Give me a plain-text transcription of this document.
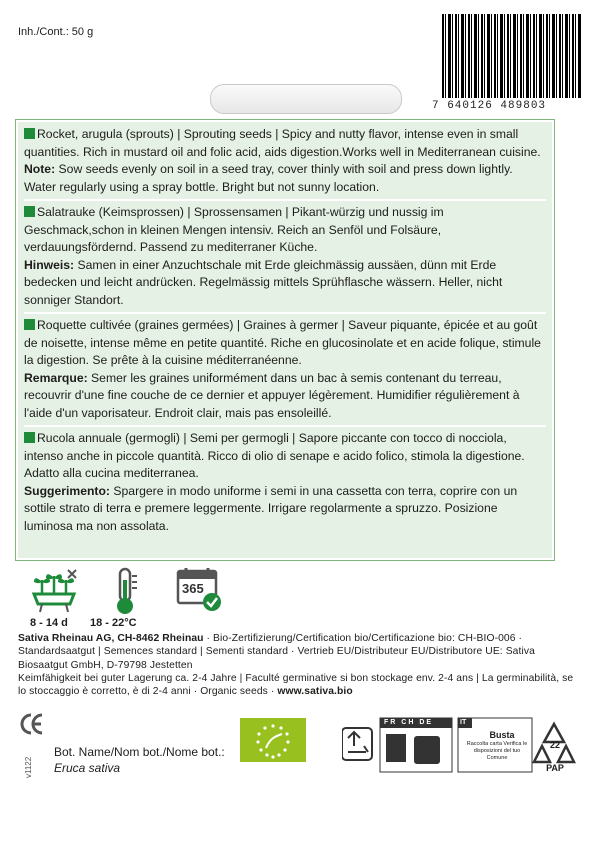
Inh./Cont.: 50 g
7 640126 489803
Rocket, arugula (sprouts) | Sprouting seeds | Spicy and nutty flavor, intense even in small quantities. Rich in mustard oil and folic acid, aids digestion.Works well in Mediterranean cuisine.
Note: Sow seeds evenly on soil in a seed tray, cover thinly with soil and press down lightly. Water regularly using a spray bottle. Bright but not sunny location.
Salatrauke (Keimsprossen) | Sprossensamen | Pikant-würzig und nussig im Geschmack,schon in kleinen Mengen intensiv. Reich an Senföl und Folsäure, verdauungsfördernd. Passend zu mediterraner Küche.
Hinweis: Samen in einer Anzuchtschale mit Erde gleichmässig aussäen, dünn mit Erde bedecken und leicht andrücken. Regelmässig mittels Sprühflasche wässern. Heller, nicht sonniger Standort.
Roquette cultivée (graines germées) | Graines à germer | Saveur piquante, épicée et au goût de noisette, intense même en petite quantité. Riche en glucosinolate et en acide folique, stimule la digestion. Se prête à la cuisine méditerranéenne.
Remarque: Semer les graines uniformément dans un bac à semis contenant du terreau, recouvrir d'une fine couche de ce dernier et appuyer légèrement. Humidifier régulièrement à l'aide d'un vaporisateur. Endroit clair, mais pas ensoleillé.
Rucola annuale (germogli) | Semi per germogli | Sapore piccante con tocco di nocciola, intenso anche in piccole quantità. Ricco di olio di senape e acido folico, stimola la digestione. Adatto alla cucina mediterranea.
Suggerimento: Spargere in modo uniforme i semi in una cassetta con terra, coprire con un sottile strato di terra e premere leggermente. Irrigare regolarmente a spruzzo. Posizione luminosa ma non assolata.
8 - 14 d 18 - 22°C
365
Sativa Rheinau AG, CH-8462 Rheinau · Bio-Zertifizierung/Certification bio/Certificazione bio: CH-BIO-006 · Standardsaatgut | Semences standard | Sementi standard · Vertrieb EU/Distributeur EU/Distributore UE: Sativa Biosaatgut GmbH, D-79798 Jestetten
Keimfähigkeit bei guter Lagerung ca. 2-4 Jahre | Faculté germinative si bon stockage env. 2-4 ans | La germinabilità, se lo stoccaggio è corretto, è di 2-4 anni · Organic seeds · www.sativa.bio
v1122
Bot. Name/Nom bot./Nome bot.:
Eruca sativa
FR CH DE	IT
Busta
Raccolta carta Verifica le disposizioni del tuo Comune
22
PAP
